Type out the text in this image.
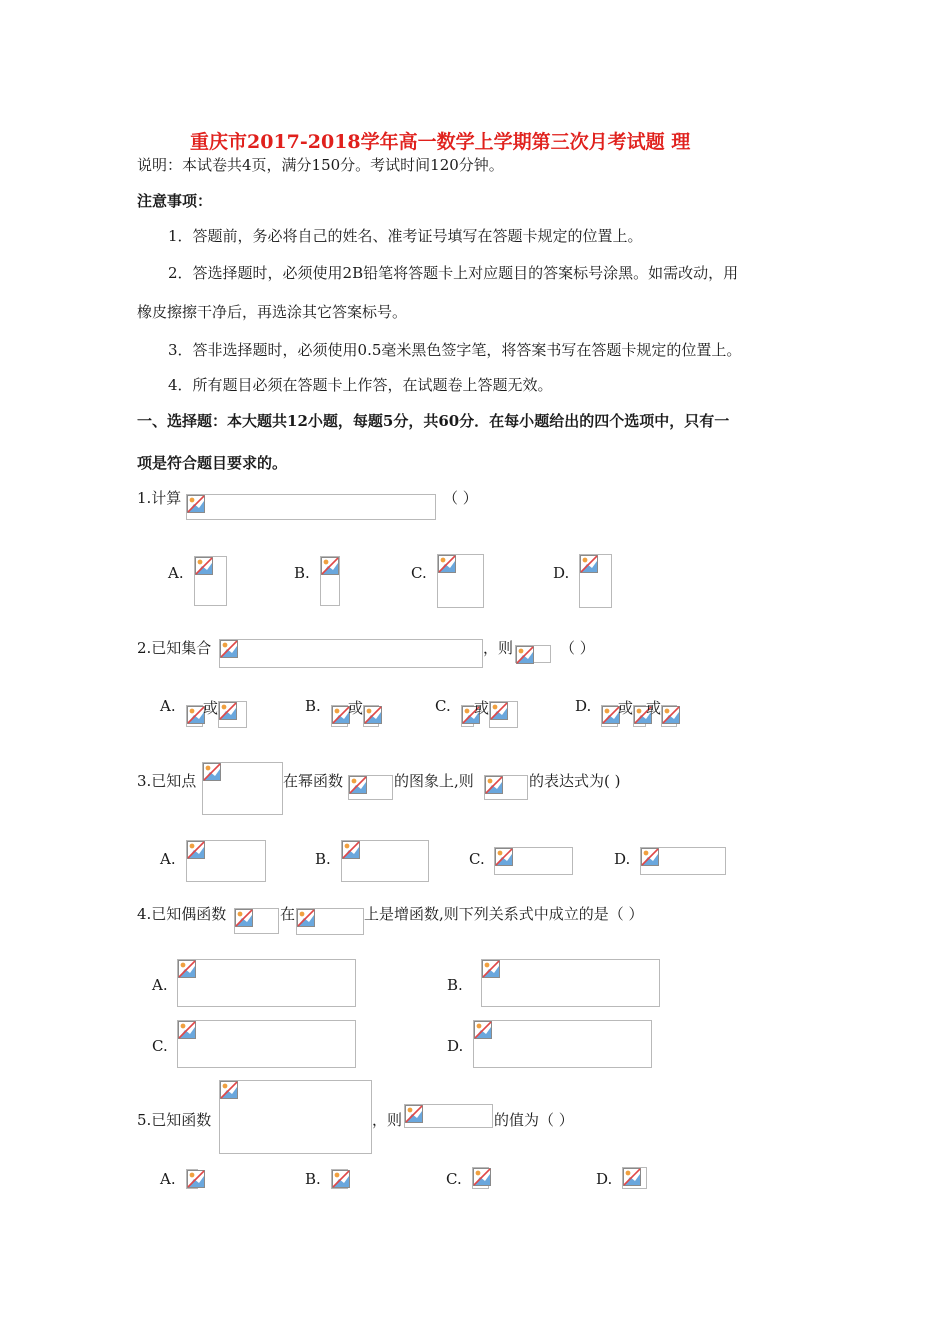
重庆市2017-2018学年高一数学上学期第三次月考试题 理
说明：本试卷共4页，满分150分。考试时间120分钟。
注意事项：
1．答题前，务必将自己的姓名、准考证号填写在答题卡规定的位置上。
2．答选择题时，必须使用2B铅笔将答题卡上对应题目的答案标号涂黑。如需改动，用
橡皮擦擦干净后，再选涂其它答案标号。
3．答非选择题时，必须使用0.5毫米黑色签字笔，将答案书写在答题卡规定的位置上。
4．所有题目必须在答题卡上作答，在试题卷上答题无效。
一、选择题：本大题共12小题，每题5分，共60分．在每小题给出的四个选项中，只有一
项是符合题目要求的。
1.计算	（ ）
A.	B.	C.	D.
2.已知集合	，则	（ ）
A. 或	B. 或	C. 或	D. 或 或
3.已知点	在幂函数	的图象上,则	的表达式为( )
A.	B.	C.	D.
4.已知偶函数	在	上是增函数,则下列关系式中成立的是（ ）
A.	B.
C.	D.
5.已知函数	，则	的值为（ ）
A.	B.	C.	D.
